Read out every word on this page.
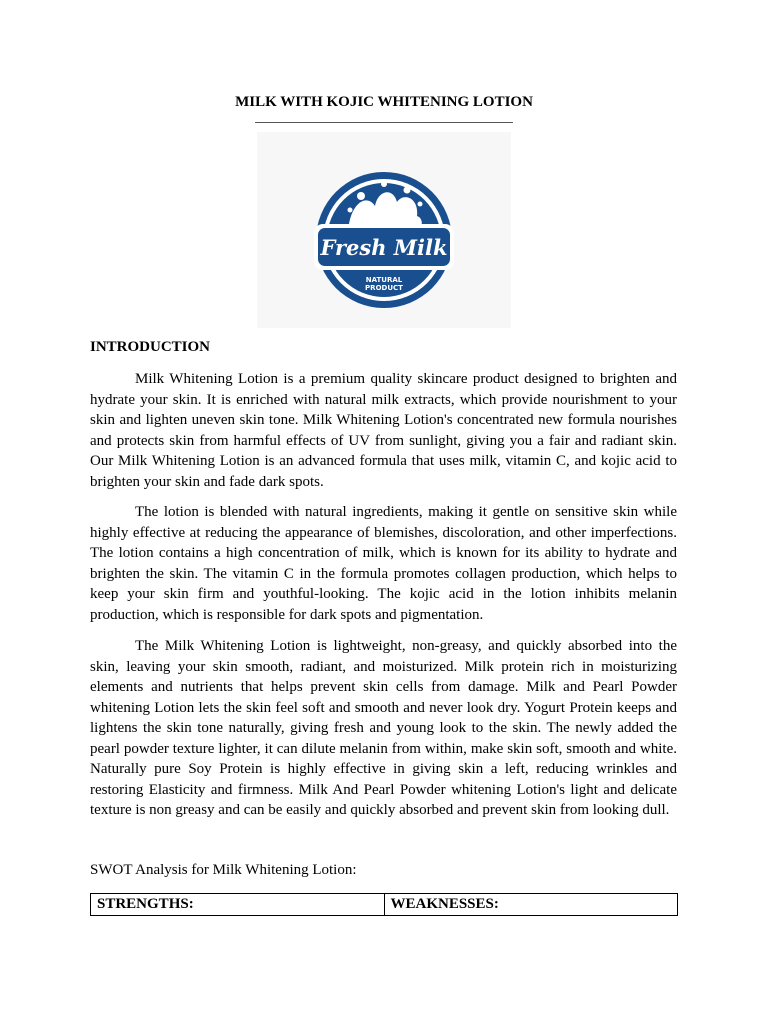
MILK WITH KOJIC WHITENING LOTION
Fresh Milk
NATURAL
PRODUCT
INTRODUCTION

Milk Whitening Lotion is a premium quality skincare product designed to brighten and hydrate your skin. It is enriched with natural milk extracts, which provide nourishment to your skin and lighten uneven skin tone. Milk Whitening Lotion's concentrated new formula nourishes and protects skin from harmful effects of UV from sunlight, giving you a fair and radiant skin. Our Milk Whitening Lotion is an advanced formula that uses milk, vitamin C, and kojic acid to brighten your skin and fade dark spots.

The lotion is blended with natural ingredients, making it gentle on sensitive skin while highly effective at reducing the appearance of blemishes, discoloration, and other imperfections. The lotion contains a high concentration of milk, which is known for its ability to hydrate and brighten the skin. The vitamin C in the formula promotes collagen production, which helps to keep your skin firm and youthful-looking. The kojic acid in the lotion inhibits melanin production, which is responsible for dark spots and pigmentation.

The Milk Whitening Lotion is lightweight, non-greasy, and quickly absorbed into the skin, leaving your skin smooth, radiant, and moisturized. Milk protein rich in moisturizing elements and nutrients that helps prevent skin cells from damage. Milk and Pearl Powder whitening Lotion lets the skin feel soft and smooth and never look dry. Yogurt Protein keeps and lightens the skin tone naturally, giving fresh and young look to the skin. The newly added the pearl powder texture lighter, it can dilute melanin from within, make skin soft, smooth and white. Naturally pure Soy Protein is highly effective in giving skin a left, reducing wrinkles and restoring Elasticity and firmness. Milk And Pearl Powder whitening Lotion's light and delicate texture is non greasy and can be easily and quickly absorbed and prevent skin from looking dull.

SWOT Analysis for Milk Whitening Lotion:
STRENGTHS:	WEAKNESSES:
